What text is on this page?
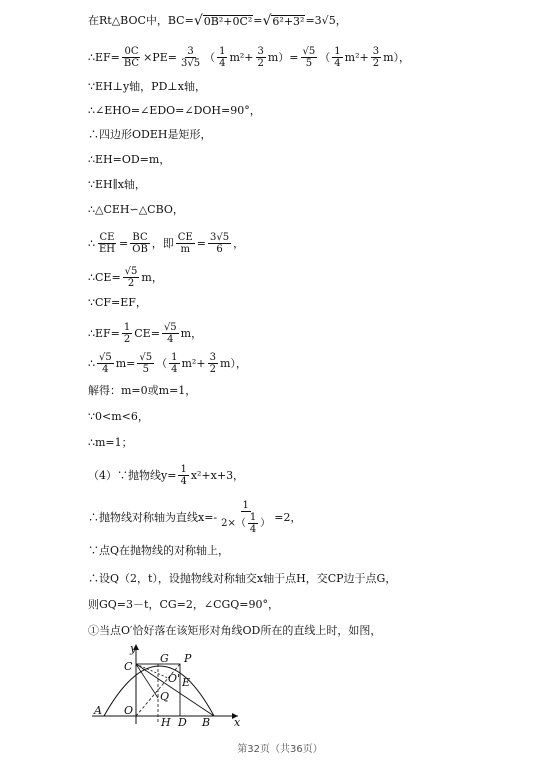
在Rt△BOC中，BC= √ 0B²+0C² = √ 6²+3² =3√5，
∴EF= $\frac{0C}{BC} \times PE= \frac{3}{3√5}$ （ $\frac{1}{4} m^2+ \frac{3}{2} m)= \frac{√5}{5}$ （ $\frac{1}{4} m^2+ \frac{3}{2} m$），
∵EH⊥y轴，PD⊥x轴，
∴∠EHO=∠EDO=∠DOH=90°，
∴四边形ODEH是矩形，
∴EH=OD=m，
∵EH∥x轴，
∴△CEH∽△CBO，
∴ $\frac{CE}{EH} = \frac{BC}{OB}$ ，即 $\frac{CE}{m} = \frac{3√5}{6}$ ，
∴CE= $\frac{√5}{2}$ m，
∵CF=EF，
∴EF= $\frac{1}{2} CE= \frac{√5}{4}$ m，
∴ $\frac{√5}{4} m= \frac{√5}{5}$ （ $\frac{1}{4} m^2+ \frac{3}{2} m$），
解得：m=0或m=1，
∵0<m<6，
∴m=1；
（4）∵抛物线$y= \frac{1}{4} x^2+x+3$，
∴抛物线对称轴为直线$x=- \frac{1}{2\times( \frac{1}{4} )} =2$，
∵点Q在抛物线的对称轴上，
∴设Q（2，t），设抛物线对称轴交x轴于点H，交CP边于点G，
则GQ=3－t，CG=2，∠CGQ=90°，
①当点O′恰好落在该矩形对角线OD所在的直线上时，如图，
y
C
G P
O' E
Q
A O
H D B x
第32页（共36页）
